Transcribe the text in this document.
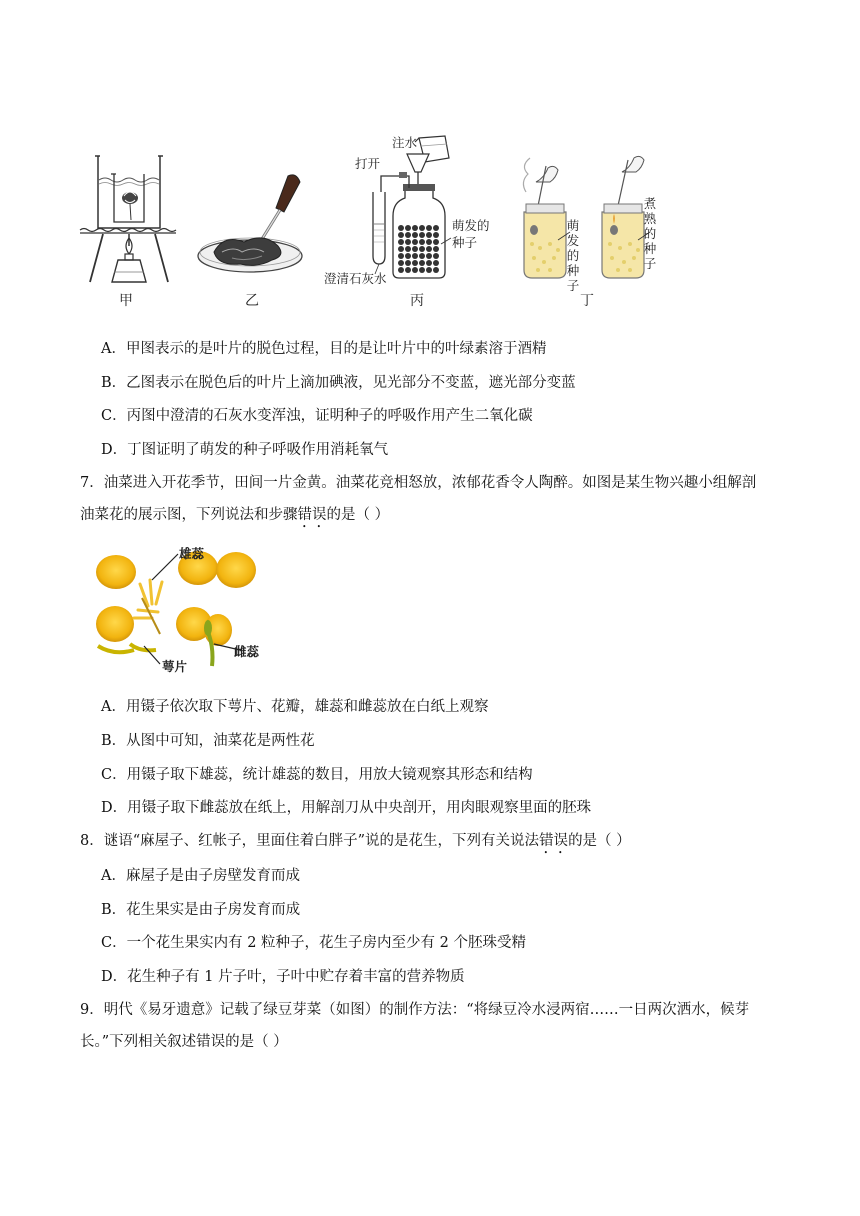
甲	乙
注水
打开
萌发的
种子
澄清石灰水
丙
萌发的种子
煮熟的种子
丁
A．甲图表示的是叶片的脱色过程，目的是让叶片中的叶绿素溶于酒精
B．乙图表示在脱色后的叶片上滴加碘液，见光部分不变蓝，遮光部分变蓝
C．丙图中澄清的石灰水变浑浊，证明种子的呼吸作用产生二氧化碳
D．丁图证明了萌发的种子呼吸作用消耗氧气
7．油菜进入开花季节，田间一片金黄。油菜花竞相怒放，浓郁花香令人陶醉。如图是某生物兴趣小组解剖
油菜花的展示图，下列说法和步骤错误的是（ ）
雄蕊
雌蕊
萼片
A．用镊子依次取下萼片、花瓣，雄蕊和雌蕊放在白纸上观察
B．从图中可知，油菜花是两性花
C．用镊子取下雄蕊，统计雄蕊的数目，用放大镜观察其形态和结构
D．用镊子取下雌蕊放在纸上，用解剖刀从中央剖开，用肉眼观察里面的胚珠
8．谜语“麻屋子、红帐子，里面住着白胖子”说的是花生，下列有关说法错误的是（ ）
A．麻屋子是由子房壁发育而成
B．花生果实是由子房发育而成
C．一个花生果实内有 2 粒种子，花生子房内至少有 2 个胚珠受精
D．花生种子有 1 片子叶，子叶中贮存着丰富的营养物质
9．明代《易牙遗意》记载了绿豆芽菜（如图）的制作方法：“将绿豆冷水浸两宿……一日两次洒水，候芽
长。”下列相关叙述错误的是（ ）
